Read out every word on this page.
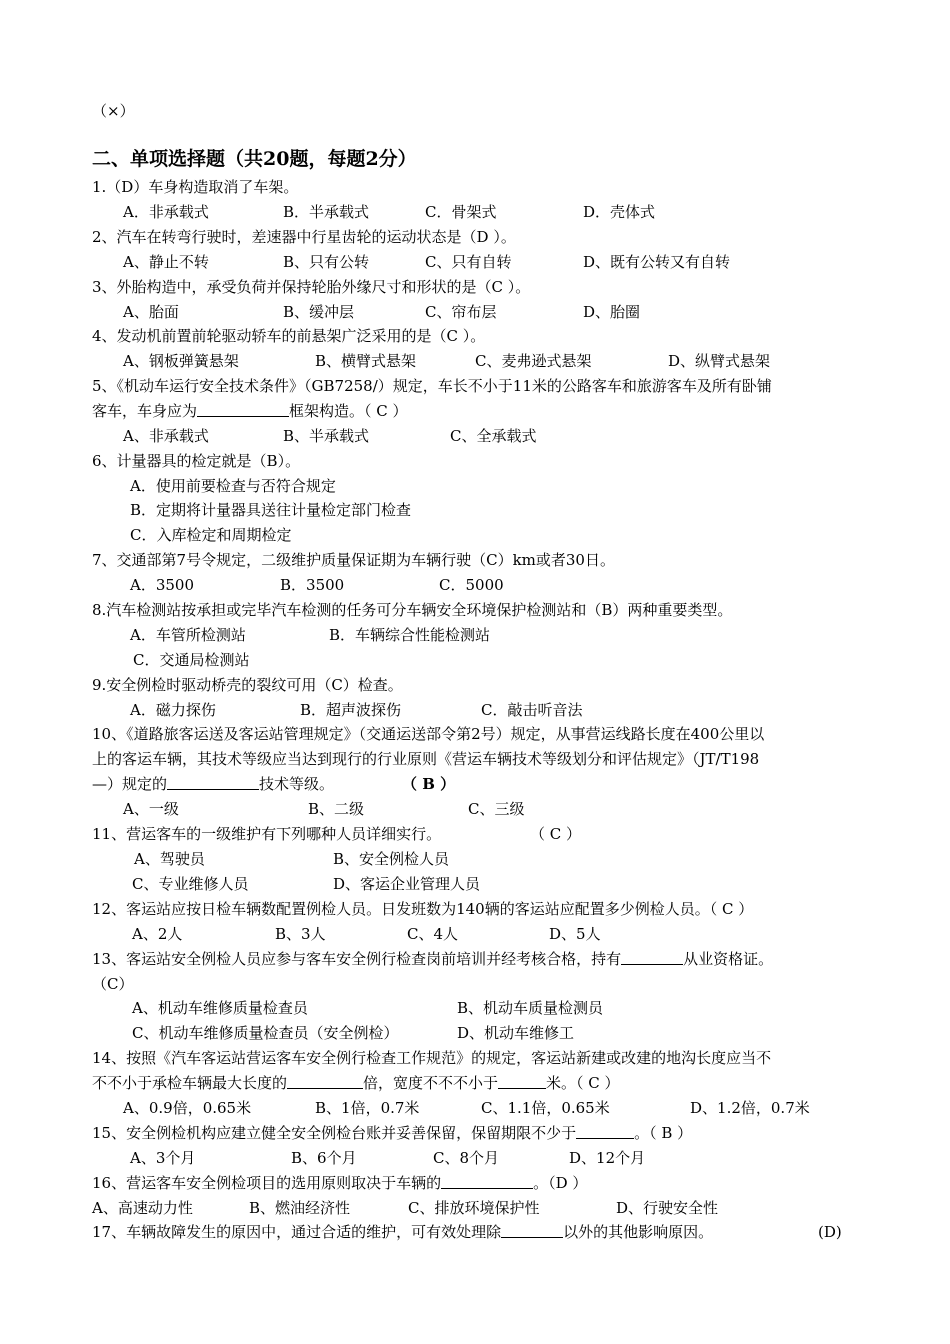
（×）
二、单项选择题（共20题，每题2分）
1.（D）车身构造取消了车架。
A．非承载式	B．半承载式	C．骨架式	D．壳体式
2、汽车在转弯行驶时，差速器中行星齿轮的运动状态是（D ）。
A、静止不转	B、只有公转	C、只有自转	D、既有公转又有自转
3、外胎构造中，承受负荷并保持轮胎外缘尺寸和形状的是（C ）。
A、胎面	B、缓冲层	C、帘布层	D、胎圈
4、发动机前置前轮驱动轿车的前悬架广泛采用的是（C ）。
A、钢板弹簧悬架	B、横臂式悬架	C、麦弗逊式悬架	D、纵臂式悬架
5、《机动车运行安全技术条件》（GB7258/）规定，车长不小于11米的公路客车和旅游客车及所有卧铺
客车，车身应为	框架构造。（ C ）
A、非承载式	B、半承载式	C、全承载式
6、计量器具的检定就是（B）。
A．使用前要检查与否符合规定
B．定期将计量器具送往计量检定部门检查
C．入库检定和周期检定
7、交通部第7号令规定，二级维护质量保证期为车辆行驶（C）km或者30日。
A．3500	B．3500	C．5000
8.汽车检测站按承担或完毕汽车检测的任务可分车辆安全环境保护检测站和（B）两种重要类型。
A．车管所检测站	B．车辆综合性能检测站
C．交通局检测站
9.安全例检时驱动桥壳的裂纹可用（C）检查。
A．磁力探伤	B．超声波探伤	C．敲击听音法
10、《道路旅客运送及客运站管理规定》（交通运送部令第2号）规定，从事营运线路长度在400公里以
上的客运车辆，其技术等级应当达到现行的行业原则《营运车辆技术等级划分和评估规定》（JT/T198
—）规定的	技术等级。	（ B ）
A、一级	B、二级	C、三级
11、营运客车的一级维护有下列哪种人员详细实行。	（ C ）
A、驾驶员	B、安全例检人员
C、专业维修人员	D、客运企业管理人员
12、客运站应按日检车辆数配置例检人员。日发班数为140辆的客运站应配置多少例检人员。（ C ）
A、2人	B、3人	C、4人	D、5人
13、客运站安全例检人员应参与客车安全例行检查岗前培训并经考核合格，持有	从业资格证。
（C）
A、机动车维修质量检查员	B、机动车质量检测员
C、机动车维修质量检查员（安全例检）	D、机动车维修工
14、按照《汽车客运站营运客车安全例行检查工作规范》的规定，客运站新建或改建的地沟长度应当不
不不小于承检车辆最大长度的	倍，宽度不不不小于	米。（ C ）
A、0.9倍，0.65米	B、1倍，0.7米	C、1.1倍，0.65米	D、1.2倍，0.7米
15、安全例检机构应建立健全安全例检台账并妥善保留，保留期限不少于	。（ B ）
A、3个月	B、6个月	C、8个月	D、12个月
16、营运客车安全例检项目的选用原则取决于车辆的	。（D ）
A、高速动力性	B、燃油经济性	C、排放环境保护性	D、行驶安全性
17、车辆故障发生的原因中，通过合适的维护，可有效处理除	以外的其他影响原因。	(D)
